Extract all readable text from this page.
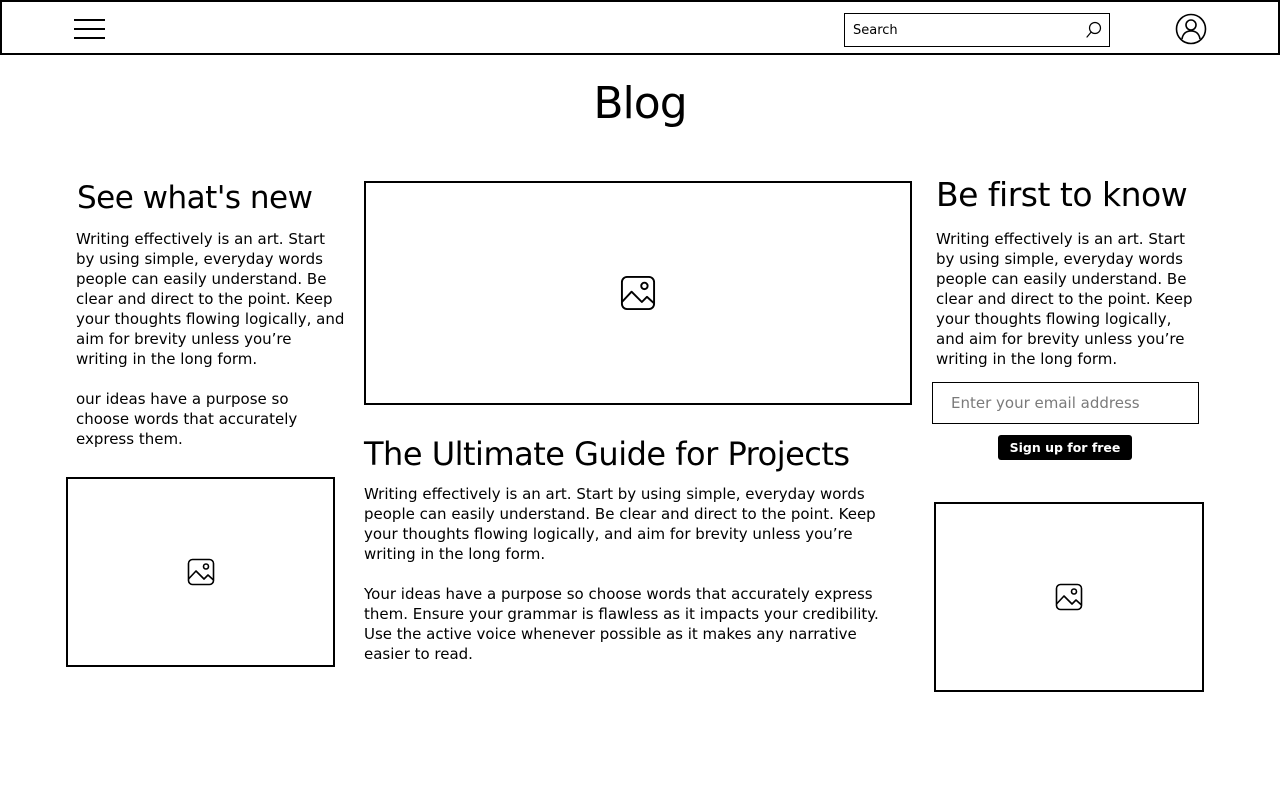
Search
Blog
See what's new

Writing effectively is an art. Start by using simple, everyday words people can easily understand. Be clear and direct to the point. Keep your thoughts flowing logically, and aim for brevity unless you’re writing in the long form.

our ideas have a purpose so choose words that accurately express them.	The Ultimate Guide for Projects

Writing effectively is an art. Start by using simple, everyday words people can easily understand. Be clear and direct to the point. Keep your thoughts flowing logically, and aim for brevity unless you’re writing in the long form.

Your ideas have a purpose so choose words that accurately express them. Ensure your grammar is flawless as it impacts your credibility. Use the active voice whenever possible as it makes any narrative easier to read.

Be first to know

Writing effectively is an art. Start by using simple, everyday words people can easily understand. Be clear and direct to the point. Keep your thoughts flowing logically, and aim for brevity unless you’re writing in the long form.

Enter your email address
Sign up for free
